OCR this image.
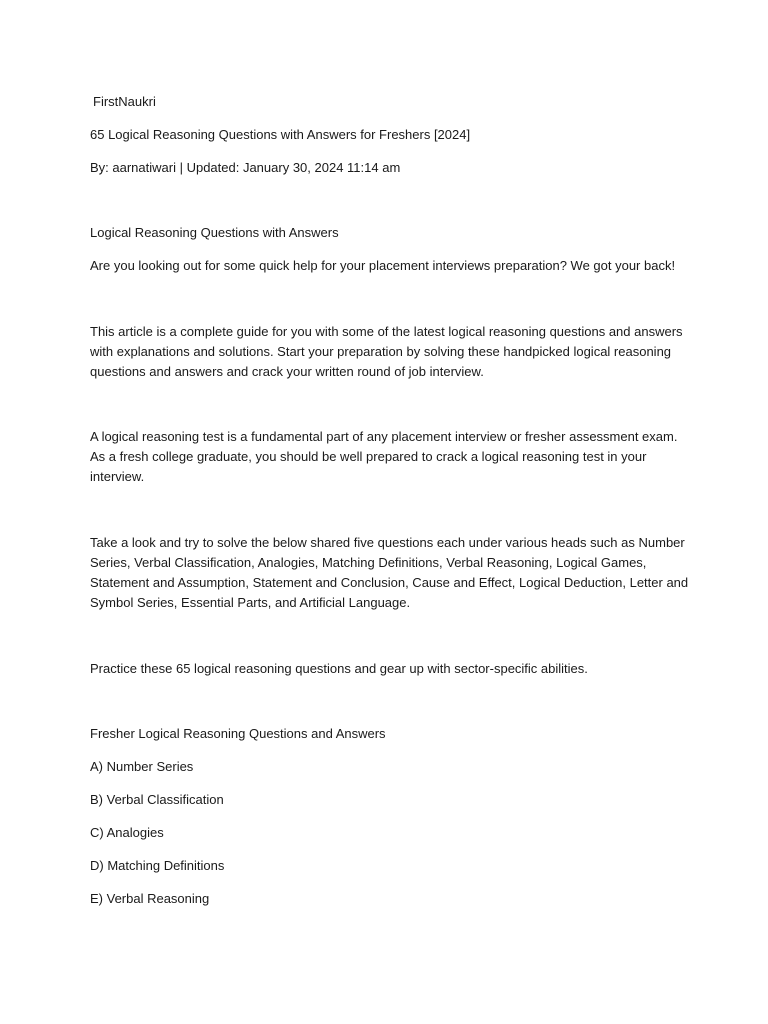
FirstNaukri

65 Logical Reasoning Questions with Answers for Freshers [2024]

By: aarnatiwari | Updated: January 30, 2024 11:14 am

Logical Reasoning Questions with Answers

Are you looking out for some quick help for your placement interviews preparation? We got your back!

This article is a complete guide for you with some of the latest logical reasoning questions and answers
with explanations and solutions. Start your preparation by solving these handpicked logical reasoning
questions and answers and crack your written round of job interview.
A logical reasoning test is a fundamental part of any placement interview or fresher assessment exam.
As a fresh college graduate, you should be well prepared to crack a logical reasoning test in your
interview.
Take a look and try to solve the below shared five questions each under various heads such as Number
Series, Verbal Classification, Analogies, Matching Definitions, Verbal Reasoning, Logical Games,
Statement and Assumption, Statement and Conclusion, Cause and Effect, Logical Deduction, Letter and
Symbol Series, Essential Parts, and Artificial Language.

Practice these 65 logical reasoning questions and gear up with sector-specific abilities.

Fresher Logical Reasoning Questions and Answers

A) Number Series

B) Verbal Classification

C) Analogies

D) Matching Definitions

E) Verbal Reasoning
